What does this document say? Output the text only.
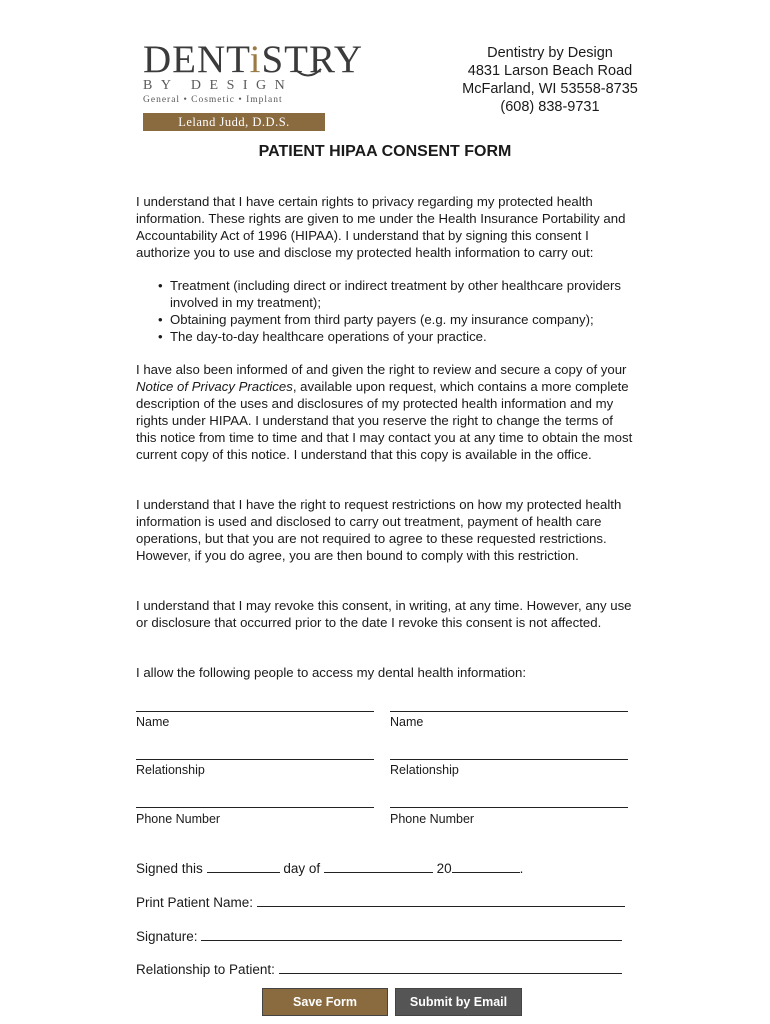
DENTiSTRY
BY DESIGN
General • Cosmetic • Implant
Leland Judd, D.D.S.
Dentistry by Design
4831 Larson Beach Road
McFarland, WI 53558-8735
(608) 838-9731
PATIENT HIPAA CONSENT FORM
I understand that I have certain rights to privacy regarding my protected health information. These rights are given to me under the Health Insurance Portability and Accountability Act of 1996 (HIPAA). I understand that by signing this consent I authorize you to use and disclose my protected health information to carry out:
• Treatment (including direct or indirect treatment by other healthcare providers involved in my treatment);
• Obtaining payment from third party payers (e.g. my insurance company);
• The day-to-day healthcare operations of your practice.
I have also been informed of and given the right to review and secure a copy of your Notice of Privacy Practices, available upon request, which contains a more complete description of the uses and disclosures of my protected health information and my rights under HIPAA. I understand that you reserve the right to change the terms of this notice from time to time and that I may contact you at any time to obtain the most current copy of this notice. I understand that this copy is available in the office.
I understand that I have the right to request restrictions on how my protected health information is used and disclosed to carry out treatment, payment of health care operations, but that you are not required to agree to these requested restrictions. However, if you do agree, you are then bound to comply with this restriction.
I understand that I may revoke this consent, in writing, at any time. However, any use or disclosure that occurred prior to the date I revoke this consent is not affected.
I allow the following people to access my dental health information:
Name	Name
Relationship	Relationship
Phone Number	Phone Number
Signed this	day of	20	.
Print Patient Name:
Signature:
Relationship to Patient:
Save Form	Submit by Email
